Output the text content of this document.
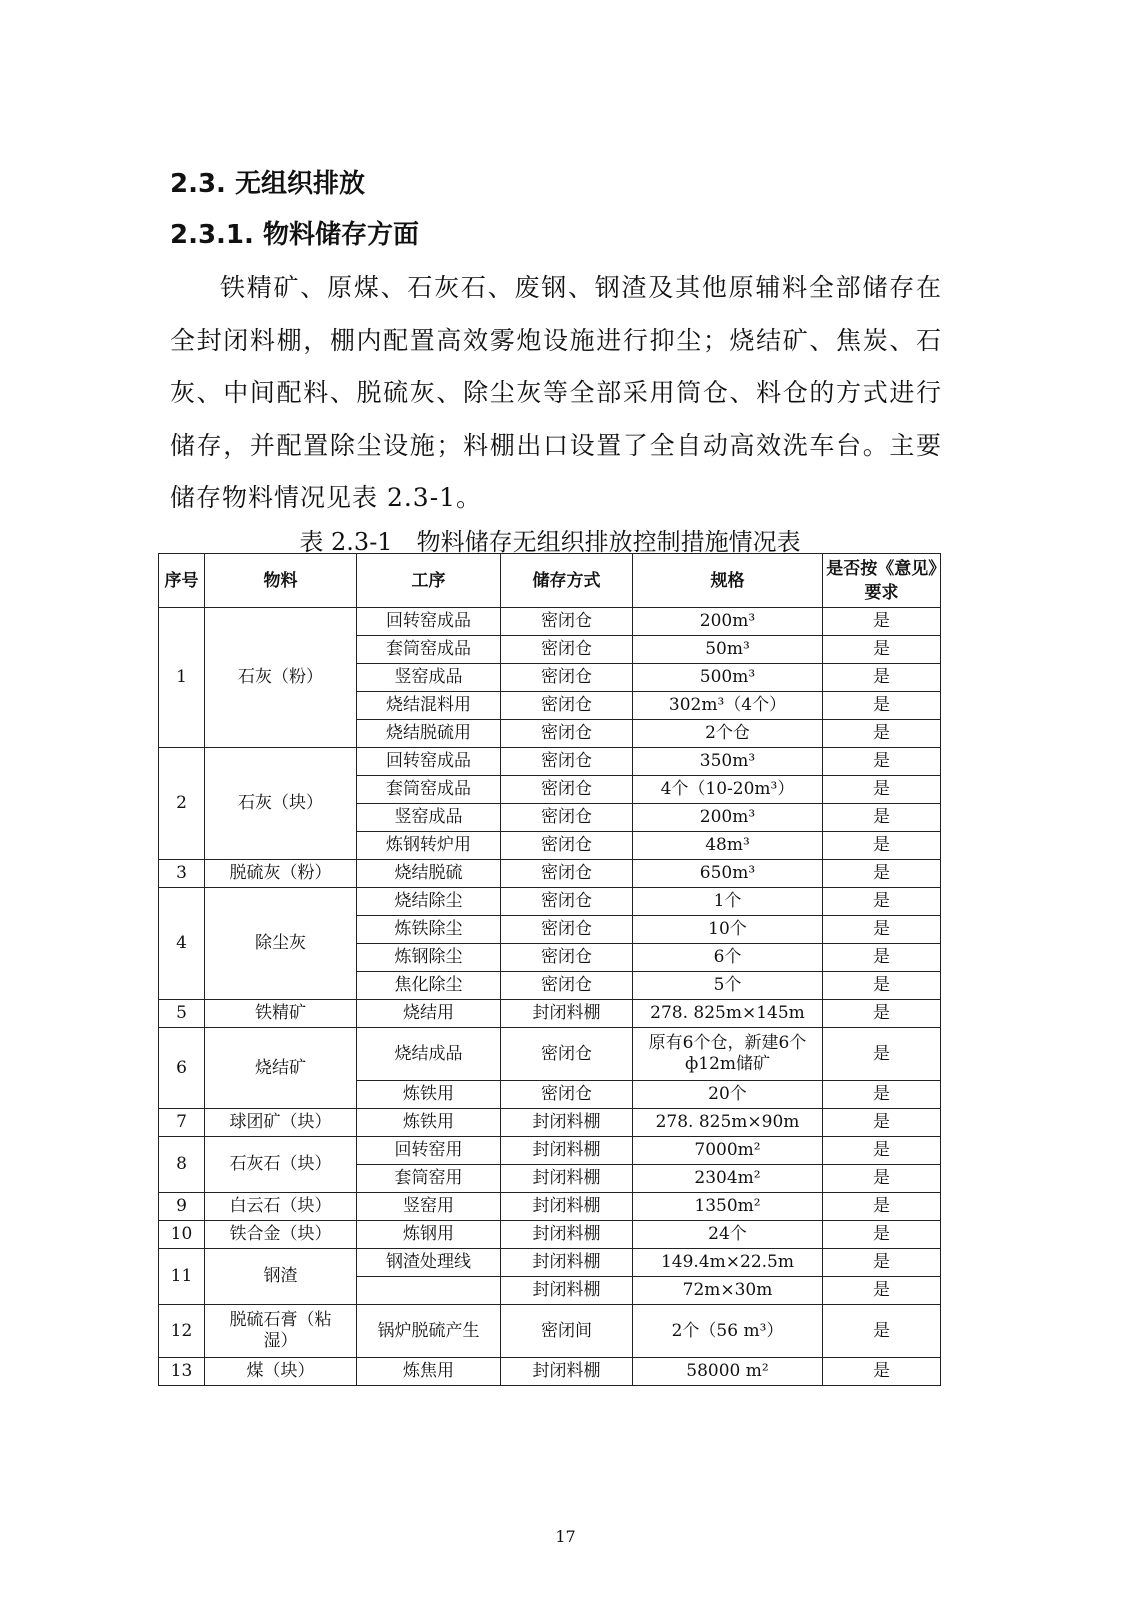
2.3. 无组织排放
2.3.1. 物料储存方面

铁精矿、原煤、石灰石、废钢、钢渣及其他原辅料全部储存在全封闭料棚，棚内配置高效雾炮设施进行抑尘；烧结矿、焦炭、石灰、中间配料、脱硫灰、除尘灰等全部采用筒仓、料仓的方式进行储存，并配置除尘设施；料棚出口设置了全自动高效洗车台。主要储存物料情况见表 2.3-1。

表 2.3-1　物料储存无组织排放控制措施情况表
序号	物料	工序	储存方式	规格	是否按《意见》要求
1	石灰（粉）	回转窑成品	密闭仓	200m³	是
		套筒窑成品	密闭仓	50m³	是
		竖窑成品	密闭仓	500m³	是
		烧结混料用	密闭仓	302m³（4个）	是
		烧结脱硫用	密闭仓	2个仓	是
2	石灰（块）	回转窑成品	密闭仓	350m³	是
		套筒窑成品	密闭仓	4个（10-20m³）	是
		竖窑成品	密闭仓	200m³	是
		炼钢转炉用	密闭仓	48m³	是
3	脱硫灰（粉）	烧结脱硫	密闭仓	650m³	是
4	除尘灰	烧结除尘	密闭仓	1个	是
		炼铁除尘	密闭仓	10个	是
		炼钢除尘	密闭仓	6个	是
		焦化除尘	密闭仓	5个	是
5	铁精矿	烧结用	封闭料棚	278. 825m×145m	是
6	烧结矿	烧结成品	密闭仓	原有6个仓，新建6个ф12m储矿	是
		炼铁用	密闭仓	20个	是
7	球团矿（块）	炼铁用	封闭料棚	278. 825m×90m	是
8	石灰石（块）	回转窑用	封闭料棚	7000m²	是
		套筒窑用	封闭料棚	2304m²	是
9	白云石（块）	竖窑用	封闭料棚	1350m²	是
10	铁合金（块）	炼钢用	封闭料棚	24个	是
11	钢渣	钢渣处理线	封闭料棚	149.4m×22.5m	是
			封闭料棚	72m×30m	是
12	脱硫石膏（粘湿）	锅炉脱硫产生	密闭间	2个（56 m³）	是
13	煤（块）	炼焦用	封闭料棚	58000 m²	是
17
